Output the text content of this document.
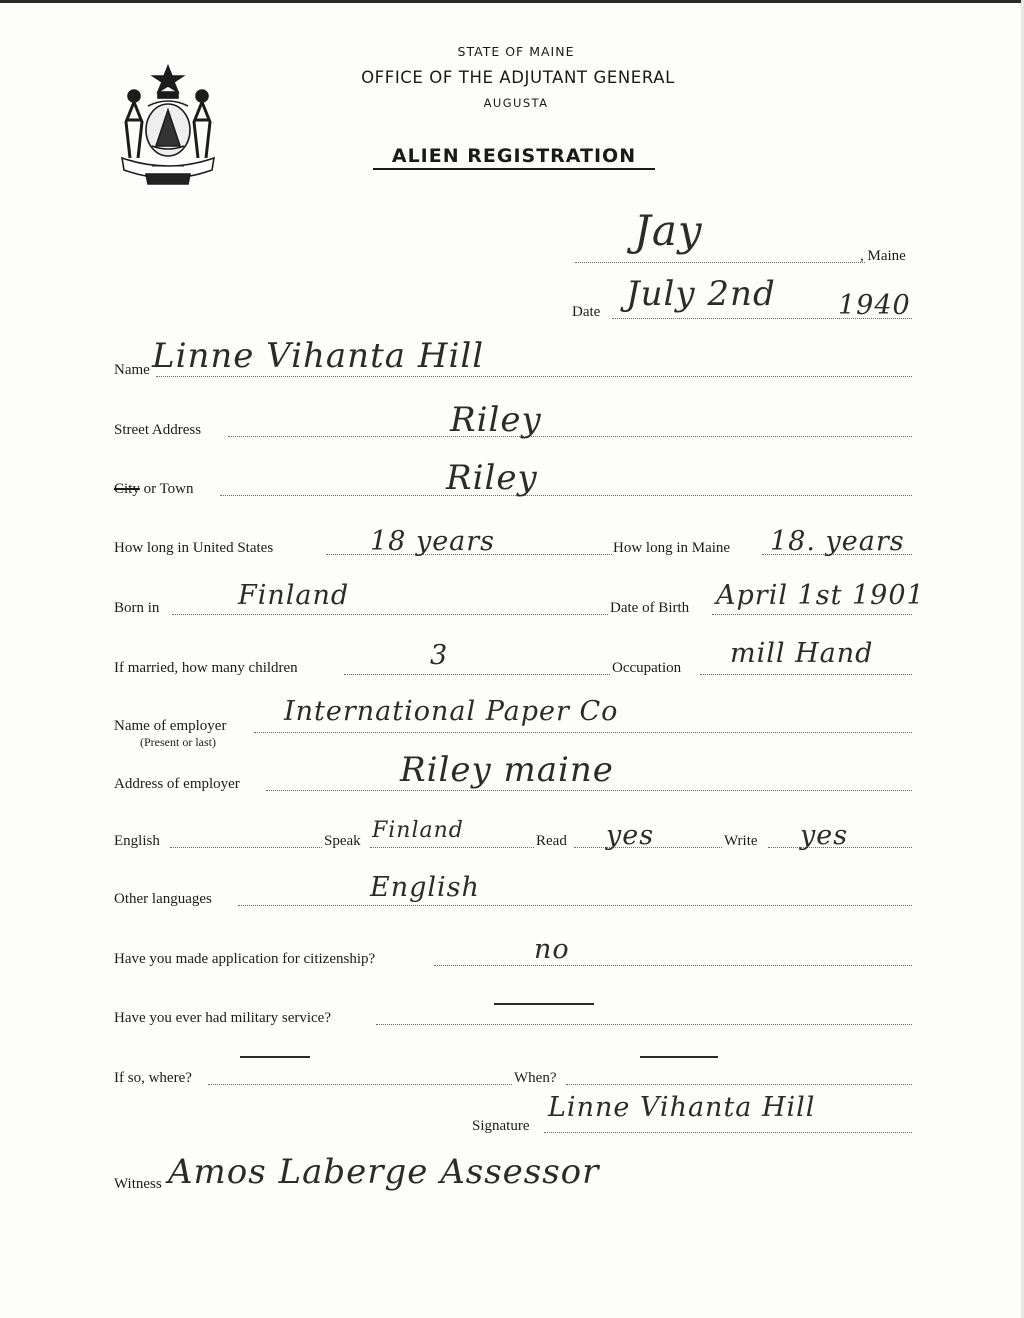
STATE OF MAINE
OFFICE OF THE ADJUTANT GENERAL
AUGUSTA
ALIEN REGISTRATION
, Maine
Jay
Date July 2nd 1940
Name Linne Vihanta Hill
Street Address	Riley
City or Town	Riley
How long in United States	18 years	How long in Maine 18. years
Born in	Finland	Date of Birth April 1st 1901
If married, how many children	3	Occupation mill Hand
Name of employer
(Present or last)
International Paper Co
Address of employer	Riley maine
English	Speak Finland	Read yes	Write yes
Other languages	English
Have you made application for citizenship?	no
Have you ever had military service?
If so, where?	When?
Signature
Linne Vihanta Hill
Witness Amos Laberge Assessor
